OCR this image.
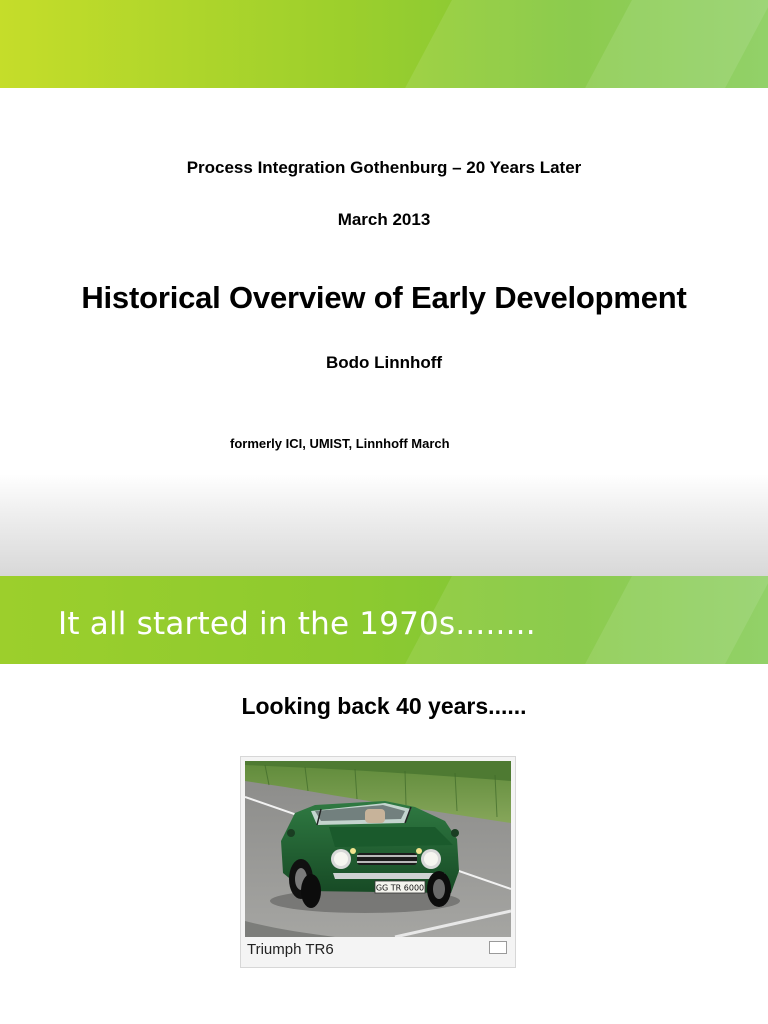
Process Integration Gothenburg – 20 Years Later
March 2013
Historical Overview of Early Development
Bodo Linnhoff
formerly ICI, UMIST, Linnhoff March
It all started in the 1970s........
Looking back 40 years......
GG TR 6000
Triumph TR6
